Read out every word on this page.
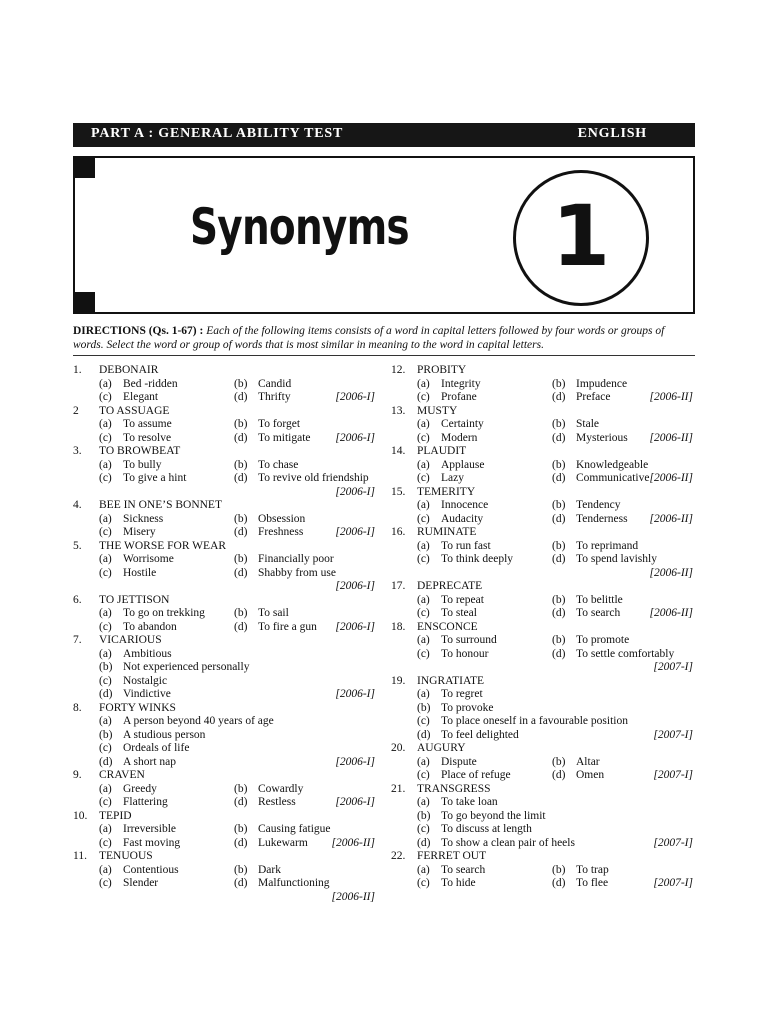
PART A : GENERAL ABILITY TEST	ENGLISH
Synonyms	1
DIRECTIONS (Qs. 1-67) : Each of the following items consists of a word in capital letters followed by four words or groups of words. Select the word or group of words that is most similar in meaning to the word in capital letters.
1.	DEBONAIR
(a) Bed -ridden	(b) Candid
(c) Elegant	(d) Thrifty	[2006-I]
2	TO ASSUAGE
(a) To assume	(b) To forget
(c) To resolve	(d) To mitigate [2006-I]
3.	TO BROWBEAT
(a) To bully	(b) To chase
(c) To give a hint	(d) To revive old friendship
[2006-I]
4.	BEE IN ONE’S BONNET
(a) Sickness	(b) Obsession
(c) Misery	(d) Freshness	[2006-I]
5.	THE WORSE FOR WEAR
(a) Worrisome	(b) Financially poor
(c) Hostile	(d) Shabby from use
[2006-I]
6.	TO JETTISON
(a) To go on trekking	(b) To sail
(c) To abandon	(d) To fire a gun [2006-I]
7.	VICARIOUS
(a) Ambitious
(b) Not experienced personally
(c) Nostalgic
(d) Vindictive	[2006-I]
8.	FORTY WINKS
(a) A person beyond 40 years of age
(b) A studious person
(c) Ordeals of life
(d) A short nap	[2006-I]
9.	CRAVEN
(a) Greedy	(b) Cowardly
(c) Flattering	(d) Restless	[2006-I]
10.	TEPID
(a) Irreversible	(b) Causing fatigue
(c) Fast moving	(d) Lukewarm [2006-II]
11.	TENUOUS
(a) Contentious	(b) Dark
(c) Slender	(d) Malfunctioning
[2006-II]
12.	PROBITY
(a) Integrity	(b) Impudence
(c) Profane	(d) Preface	[2006-II]
13.	MUSTY
(a) Certainty	(b) Stale
(c) Modern	(d) Mysterious [2006-II]
14.	PLAUDIT
(a) Applause	(b) Knowledgeable
(c) Lazy	(d) Communicative [2006-II]
15.	TEMERITY
(a) Innocence	(b) Tendency
(c) Audacity	(d) Tenderness [2006-II]
16.	RUMINATE
(a) To run fast	(b) To reprimand
(c) To think deeply	(d) To spend lavishly
[2006-II]
17.	DEPRECATE
(a) To repeat	(b) To belittle
(c) To steal	(d) To search	[2006-II]
18.	ENSCONCE
(a) To surround	(b) To promote
(c) To honour	(d) To settle comfortably
[2007-I]
19.	INGRATIATE
(a) To regret
(b) To provoke
(c) To place oneself in a favourable position
(d) To feel delighted	[2007-I]
20.	AUGURY
(a) Dispute	(b) Altar
(c) Place of refuge	(d) Omen	[2007-I]
21.	TRANSGRESS
(a) To take loan
(b) To go beyond the limit
(c) To discuss at length
(d) To show a clean pair of heels	[2007-I]
22.	FERRET OUT
(a) To search	(b) To trap
(c) To hide	(d) To flee	[2007-I]
